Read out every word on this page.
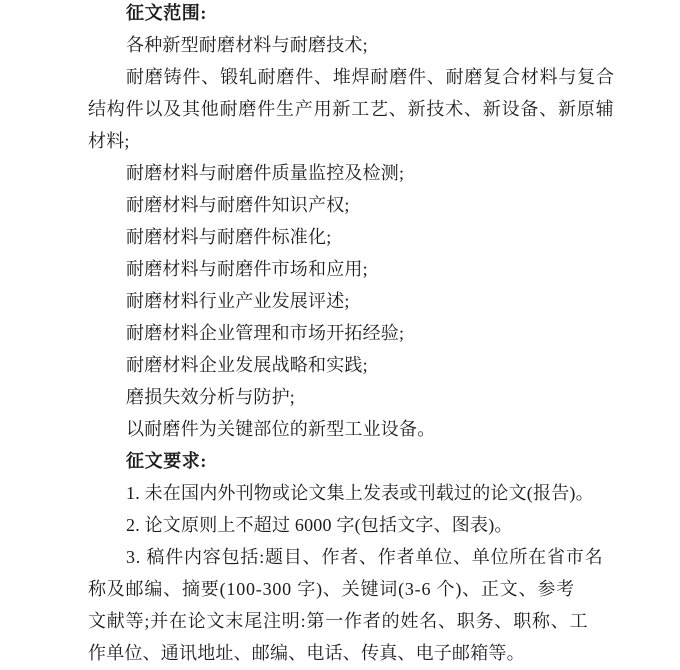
征文范围:
各种新型耐磨材料与耐磨技术;
耐磨铸件、锻轧耐磨件、堆焊耐磨件、耐磨复合材料与复合
结构件以及其他耐磨件生产用新工艺、新技术、新设备、新原辅
材料;
耐磨材料与耐磨件质量监控及检测;
耐磨材料与耐磨件知识产权;
耐磨材料与耐磨件标准化;
耐磨材料与耐磨件市场和应用;
耐磨材料行业产业发展评述;
耐磨材料企业管理和市场开拓经验;
耐磨材料企业发展战略和实践;
磨损失效分析与防护;
以耐磨件为关键部位的新型工业设备。
征文要求:
1. 未在国内外刊物或论文集上发表或刊载过的论文(报告)。
2. 论文原则上不超过 6000 字(包括文字、图表)。
3. 稿件内容包括:题目、作者、作者单位、单位所在省市名
称及邮编、摘要(100-300 字)、关键词(3-6 个)、正文、参考
文献等;并在论文末尾注明:第一作者的姓名、职务、职称、工
作单位、通讯地址、邮编、电话、传真、电子邮箱等。
